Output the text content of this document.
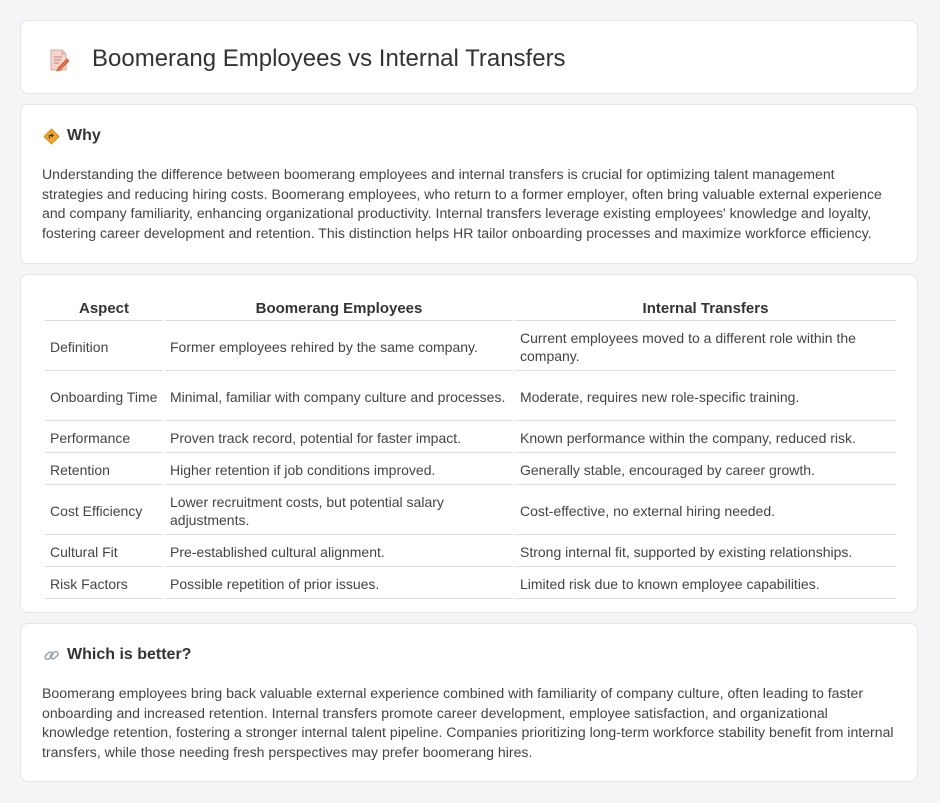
Boomerang Employees vs Internal Transfers
Why

Understanding the difference between boomerang employees and internal transfers is crucial for optimizing talent management strategies and reducing hiring costs. Boomerang employees, who return to a former employer, often bring valuable external experience and company familiarity, enhancing organizational productivity. Internal transfers leverage existing employees' knowledge and loyalty, fostering career development and retention. This distinction helps HR tailor onboarding processes and maximize workforce efficiency.

Aspect	Boomerang Employees	Internal Transfers
Definition	Former employees rehired by the same company.	Current employees moved to a different role within the company.
Onboarding Time	Minimal, familiar with company culture and processes.	Moderate, requires new role-specific training.
Performance	Proven track record, potential for faster impact.	Known performance within the company, reduced risk.
Retention	Higher retention if job conditions improved.	Generally stable, encouraged by career growth.
Cost Efficiency	Lower recruitment costs, but potential salary adjustments.	Cost-effective, no external hiring needed.
Cultural Fit	Pre-established cultural alignment.	Strong internal fit, supported by existing relationships.
Risk Factors	Possible repetition of prior issues.	Limited risk due to known employee capabilities.
Which is better?

Boomerang employees bring back valuable external experience combined with familiarity of company culture, often leading to faster onboarding and increased retention. Internal transfers promote career development, employee satisfaction, and organizational knowledge retention, fostering a stronger internal talent pipeline. Companies prioritizing long-term workforce stability benefit from internal transfers, while those needing fresh perspectives may prefer boomerang hires.
